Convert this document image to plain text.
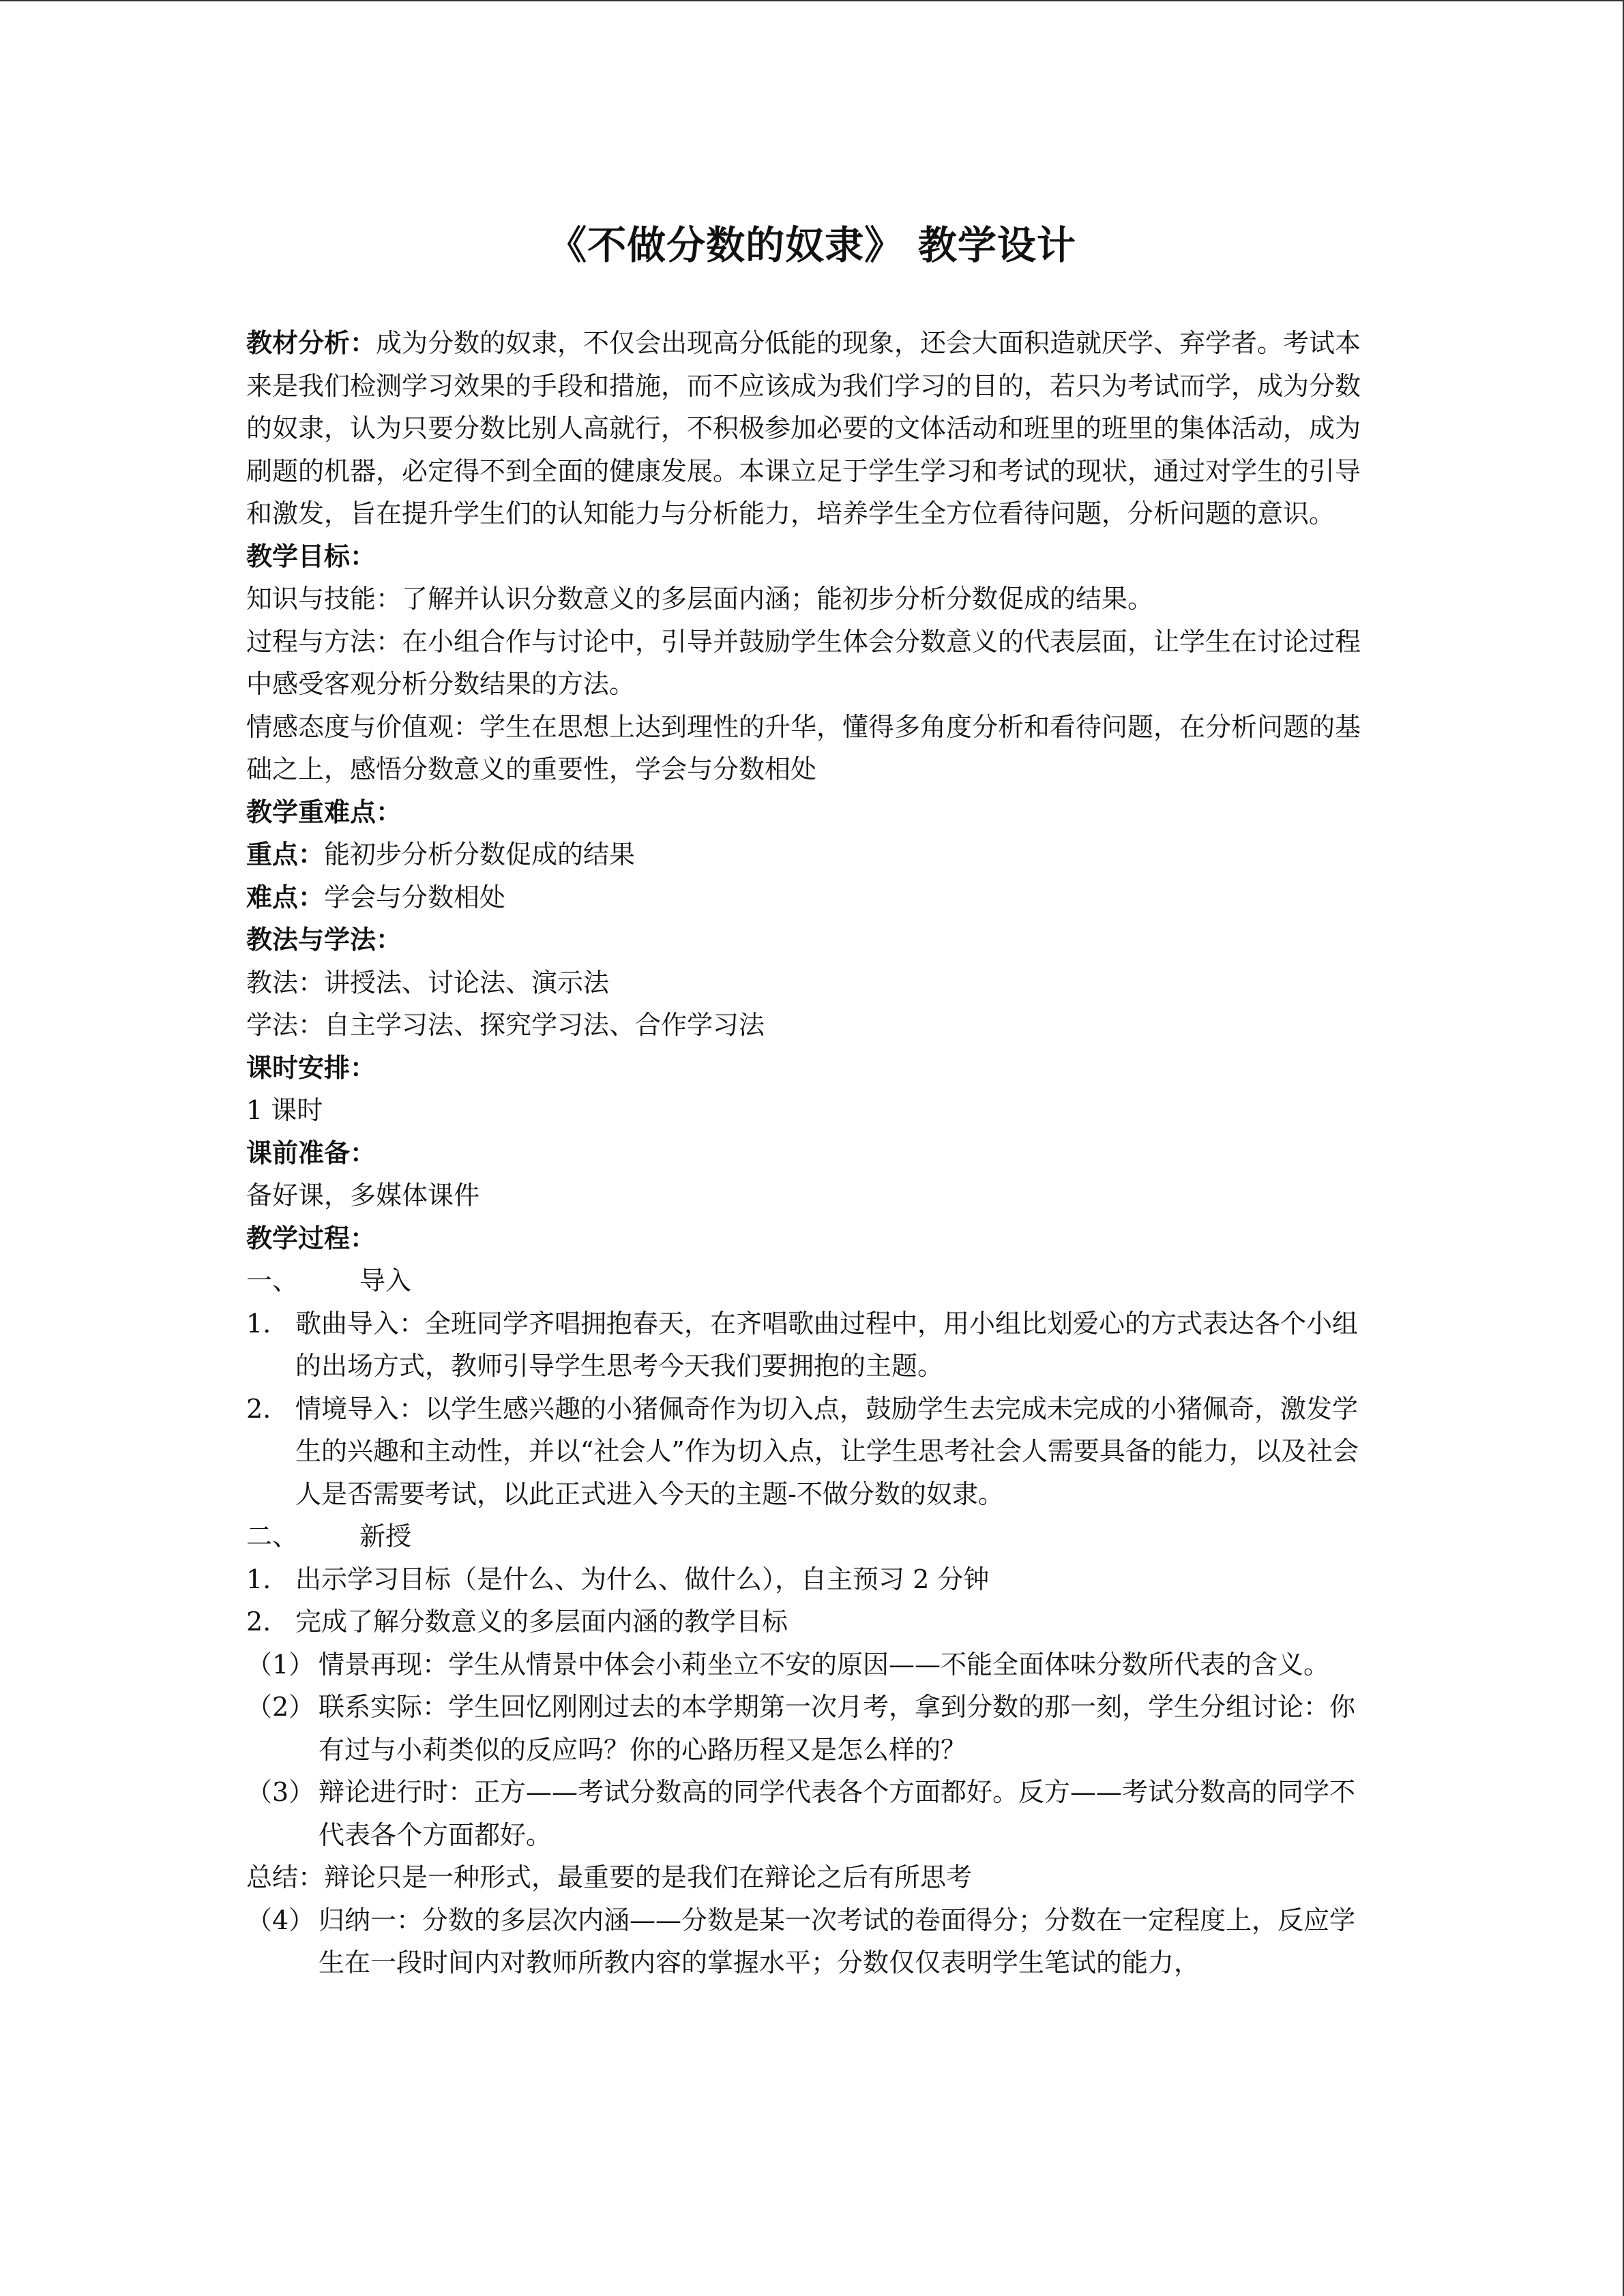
《不做分数的奴隶》 教学设计

教材分析：成为分数的奴隶，不仅会出现高分低能的现象，还会大面积造就厌学、弃学者。考试本来是我们检测学习效果的手段和措施，而不应该成为我们学习的目的，若只为考试而学，成为分数的奴隶，认为只要分数比别人高就行，不积极参加必要的文体活动和班里的班里的集体活动，成为刷题的机器，必定得不到全面的健康发展。本课立足于学生学习和考试的现状，通过对学生的引导和激发，旨在提升学生们的认知能力与分析能力，培养学生全方位看待问题，分析问题的意识。

教学目标：

知识与技能：了解并认识分数意义的多层面内涵；能初步分析分数促成的结果。

过程与方法：在小组合作与讨论中，引导并鼓励学生体会分数意义的代表层面，让学生在讨论过程中感受客观分析分数结果的方法。

情感态度与价值观：学生在思想上达到理性的升华，懂得多角度分析和看待问题，在分析问题的基础之上，感悟分数意义的重要性，学会与分数相处

教学重难点：

重点：能初步分析分数促成的结果

难点：学会与分数相处

教法与学法：

教法：讲授法、讨论法、演示法

学法：自主学习法、探究学习法、合作学习法

课时安排：

1 课时

课前准备：

备好课，多媒体课件

教学过程：

一、	导入
1. 歌曲导入：全班同学齐唱拥抱春天，在齐唱歌曲过程中，用小组比划爱心的方式表达各个小组的出场方式，教师引导学生思考今天我们要拥抱的主题。
2. 情境导入：以学生感兴趣的小猪佩奇作为切入点，鼓励学生去完成未完成的小猪佩奇，激发学生的兴趣和主动性，并以“社会人”作为切入点，让学生思考社会人需要具备的能力，以及社会人是否需要考试，以此正式进入今天的主题-不做分数的奴隶。
二、	新授
1. 出示学习目标（是什么、为什么、做什么），自主预习 2 分钟
2. 完成了解分数意义的多层面内涵的教学目标
（1） 情景再现：学生从情景中体会小莉坐立不安的原因——不能全面体味分数所代表的含义。
（2） 联系实际：学生回忆刚刚过去的本学期第一次月考，拿到分数的那一刻，学生分组讨论：你有过与小莉类似的反应吗？你的心路历程又是怎么样的？
（3） 辩论进行时：正方——考试分数高的同学代表各个方面都好。反方——考试分数高的同学不代表各个方面都好。

总结：辩论只是一种形式，最重要的是我们在辩论之后有所思考

（4） 归纳一：分数的多层次内涵——分数是某一次考试的卷面得分；分数在一定程度上，反应学生在一段时间内对教师所教内容的掌握水平；分数仅仅表明学生笔试的能力，
